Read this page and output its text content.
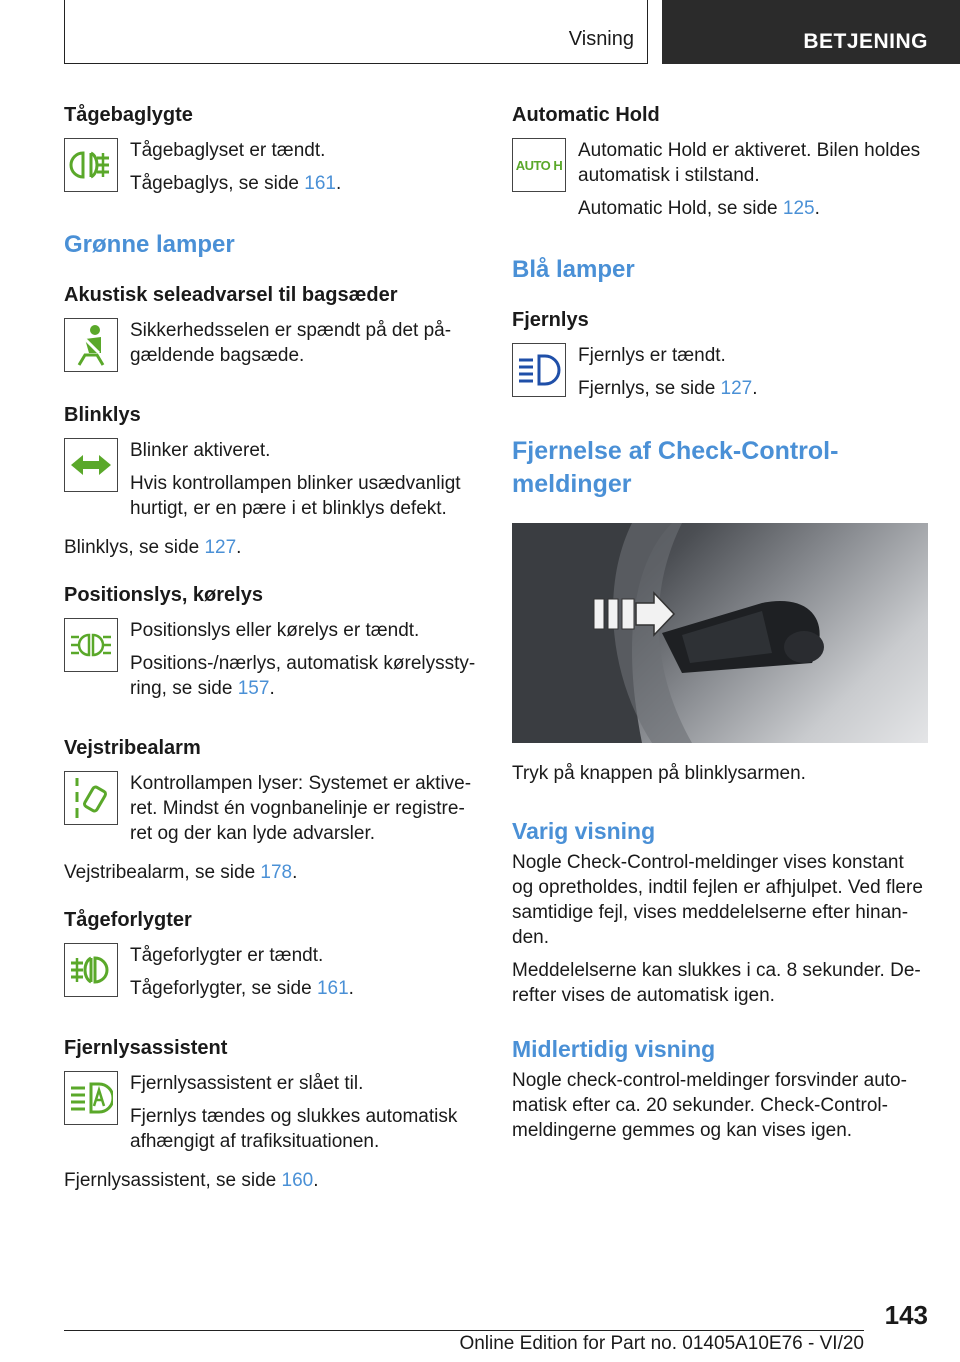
Visning	BETJENING
Tågebaglygte

Tågebaglyset er tændt.

Tågebaglys, se side 161.

Grønne lamper
Akustisk seleadvarsel til bagsæder

Sikkerhedsselen er spændt på det på-gældende bagsæde.

Blinklys

Blinker aktiveret.

Hvis kontrollampen blinker usædvanligt hurtigt, er en pære i et blinklys defekt.

Blinklys, se side 127.

Positionslys, kørelys

Positionslys eller kørelys er tændt.

Positions-/nærlys, automatisk kørelyssty-ring, se side 157.

Vejstribealarm

Kontrollampen lyser: Systemet er aktive-ret. Mindst én vognbanelinje er registre-ret og der kan lyde advarsler.

Vejstribealarm, se side 178.

Tågeforlygter

Tågeforlygter er tændt.

Tågeforlygter, se side 161.

Fjernlysassistent

Fjernlysassistent er slået til.

Fjernlys tændes og slukkes automatisk afhængigt af trafiksituationen.

Fjernlysassistent, se side 160.

Automatic Hold
AUTO H

Automatic Hold er aktiveret. Bilen holdes automatisk i stilstand.

Automatic Hold, se side 125.

Blå lamper
Fjernlys

Fjernlys er tændt.

Fjernlys, se side 127.

Fjernelse af Check-Control-meldinger

Tryk på knappen på blinklysarmen.

Varig visning

Nogle Check-Control-meldinger vises konstant og opretholdes, indtil fejlen er afhjulpet. Ved flere samtidige fejl, vises meddelelserne efter hinan-den.

Meddelelserne kan slukkes i ca. 8 sekunder. De-refter vises de automatisk igen.

Midlertidig visning

Nogle check-control-meldinger forsvinder auto-matisk efter ca. 20 sekunder. Check-Control-meldingerne gemmes og kan vises igen.

143
Online Edition for Part no. 01405A10E76 - VI/20
